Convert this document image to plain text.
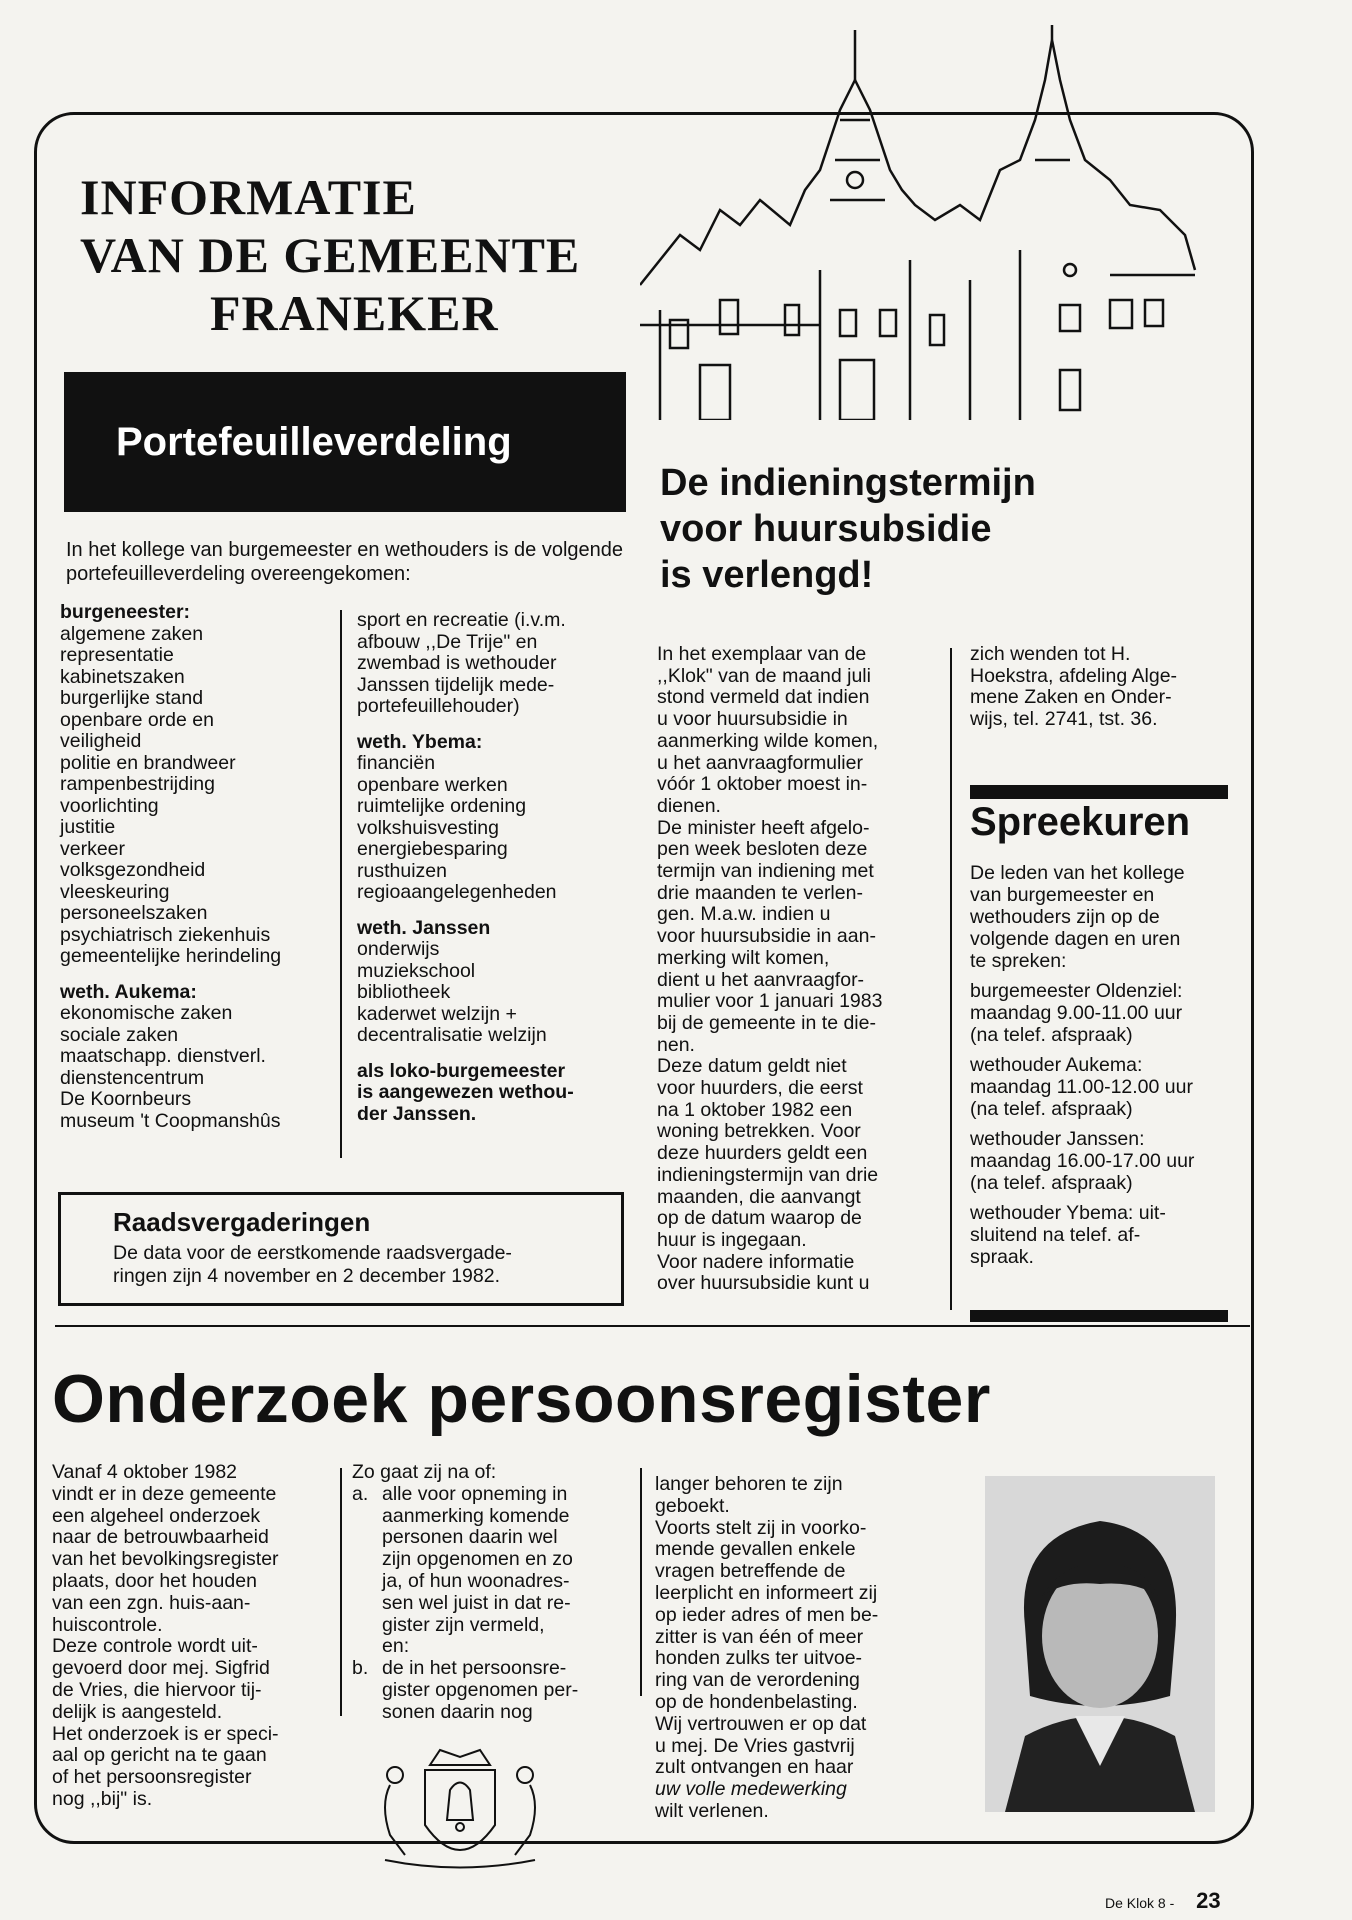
INFORMATIE
VAN DE GEMEENTE
FRANEKER
Portefeuilleverdeling
In het kollege van burgemeester en wethouders is de volgende portefeuilleverdeling overeengekomen:
burgeneester:
algemene zaken
representatie
kabinetszaken
burgerlijke stand
openbare orde en
veiligheid
politie en brandweer
rampenbestrijding
voorlichting
justitie
verkeer
volksgezondheid
vleeskeuring
personeelszaken
psychiatrisch ziekenhuis
gemeentelijke herindeling
weth. Aukema:
ekonomische zaken
sociale zaken
maatschapp. dienstverl.
dienstencentrum
De Koornbeurs
museum 't Coopmanshûs
sport en recreatie (i.v.m.
afbouw ,,De Trije" en
zwembad is wethouder
Janssen tijdelijk mede-
portefeuillehouder)
weth. Ybema:
financiën
openbare werken
ruimtelijke ordening
volkshuisvesting
energiebesparing
rusthuizen
regioaangelegenheden
weth. Janssen
onderwijs
muziekschool
bibliotheek
kaderwet welzijn +
decentralisatie welzijn
als loko-burgemeester
is aangewezen wethou-
der Janssen.
Raadsvergaderingen

De data voor de eerstkomende raadsvergade-
ringen zijn 4 november en 2 december 1982.

De indieningstermijn
voor huursubsidie
is verlengd!
In het exemplaar van de
,,Klok" van de maand juli
stond vermeld dat indien
u voor huursubsidie in
aanmerking wilde komen,
u het aanvraagformulier
vóór 1 oktober moest in-
dienen.
De minister heeft afgelo-
pen week besloten deze
termijn van indiening met
drie maanden te verlen-
gen. M.a.w. indien u
voor huursubsidie in aan-
merking wilt komen,
dient u het aanvraagfor-
mulier voor 1 januari 1983
bij de gemeente in te die-
nen.
Deze datum geldt niet
voor huurders, die eerst
na 1 oktober 1982 een
woning betrekken. Voor
deze huurders geldt een
indieningstermijn van drie
maanden, die aanvangt
op de datum waarop de
huur is ingegaan.
Voor nadere informatie
over huursubsidie kunt u
zich wenden tot H.
Hoekstra, afdeling Alge-
mene Zaken en Onder-
wijs, tel. 2741, tst. 36.
Spreekuren
De leden van het kollege
van burgemeester en
wethouders zijn op de
volgende dagen en uren
te spreken:
burgemeester Oldenziel:
maandag 9.00-11.00 uur
(na telef. afspraak)
wethouder Aukema:
maandag 11.00-12.00 uur
(na telef. afspraak)
wethouder Janssen:
maandag 16.00-17.00 uur
(na telef. afspraak)
wethouder Ybema: uit-
sluitend na telef. af-
spraak.
Onderzoek persoonsregister
Vanaf 4 oktober 1982
vindt er in deze gemeente
een algeheel onderzoek
naar de betrouwbaarheid
van het bevolkingsregister
plaats, door het houden
van een zgn. huis-aan-
huiscontrole.
Deze controle wordt uit-
gevoerd door mej. Sigfrid
de Vries, die hiervoor tij-
delijk is aangesteld.
Het onderzoek is er speci-
aal op gericht na te gaan
of het persoonsregister
nog ,,bij" is.
Zo gaat zij na of:
a. alle voor opneming in
aanmerking komende
personen daarin wel
zijn opgenomen en zo
ja, of hun woonadres-
sen wel juist in dat re-
gister zijn vermeld,
en:
b. de in het persoonsre-
gister opgenomen per-
sonen daarin nog
langer behoren te zijn
geboekt.
Voorts stelt zij in voorko-
mende gevallen enkele
vragen betreffende de
leerplicht en informeert zij
op ieder adres of men be-
zitter is van één of meer
honden zulks ter uitvoe-
ring van de verordening
op de hondenbelasting.
Wij vertrouwen er op dat
u mej. De Vries gastvrij
zult ontvangen en haar
uw volle medewerking
wilt verlenen.
De Klok 8 - 23
